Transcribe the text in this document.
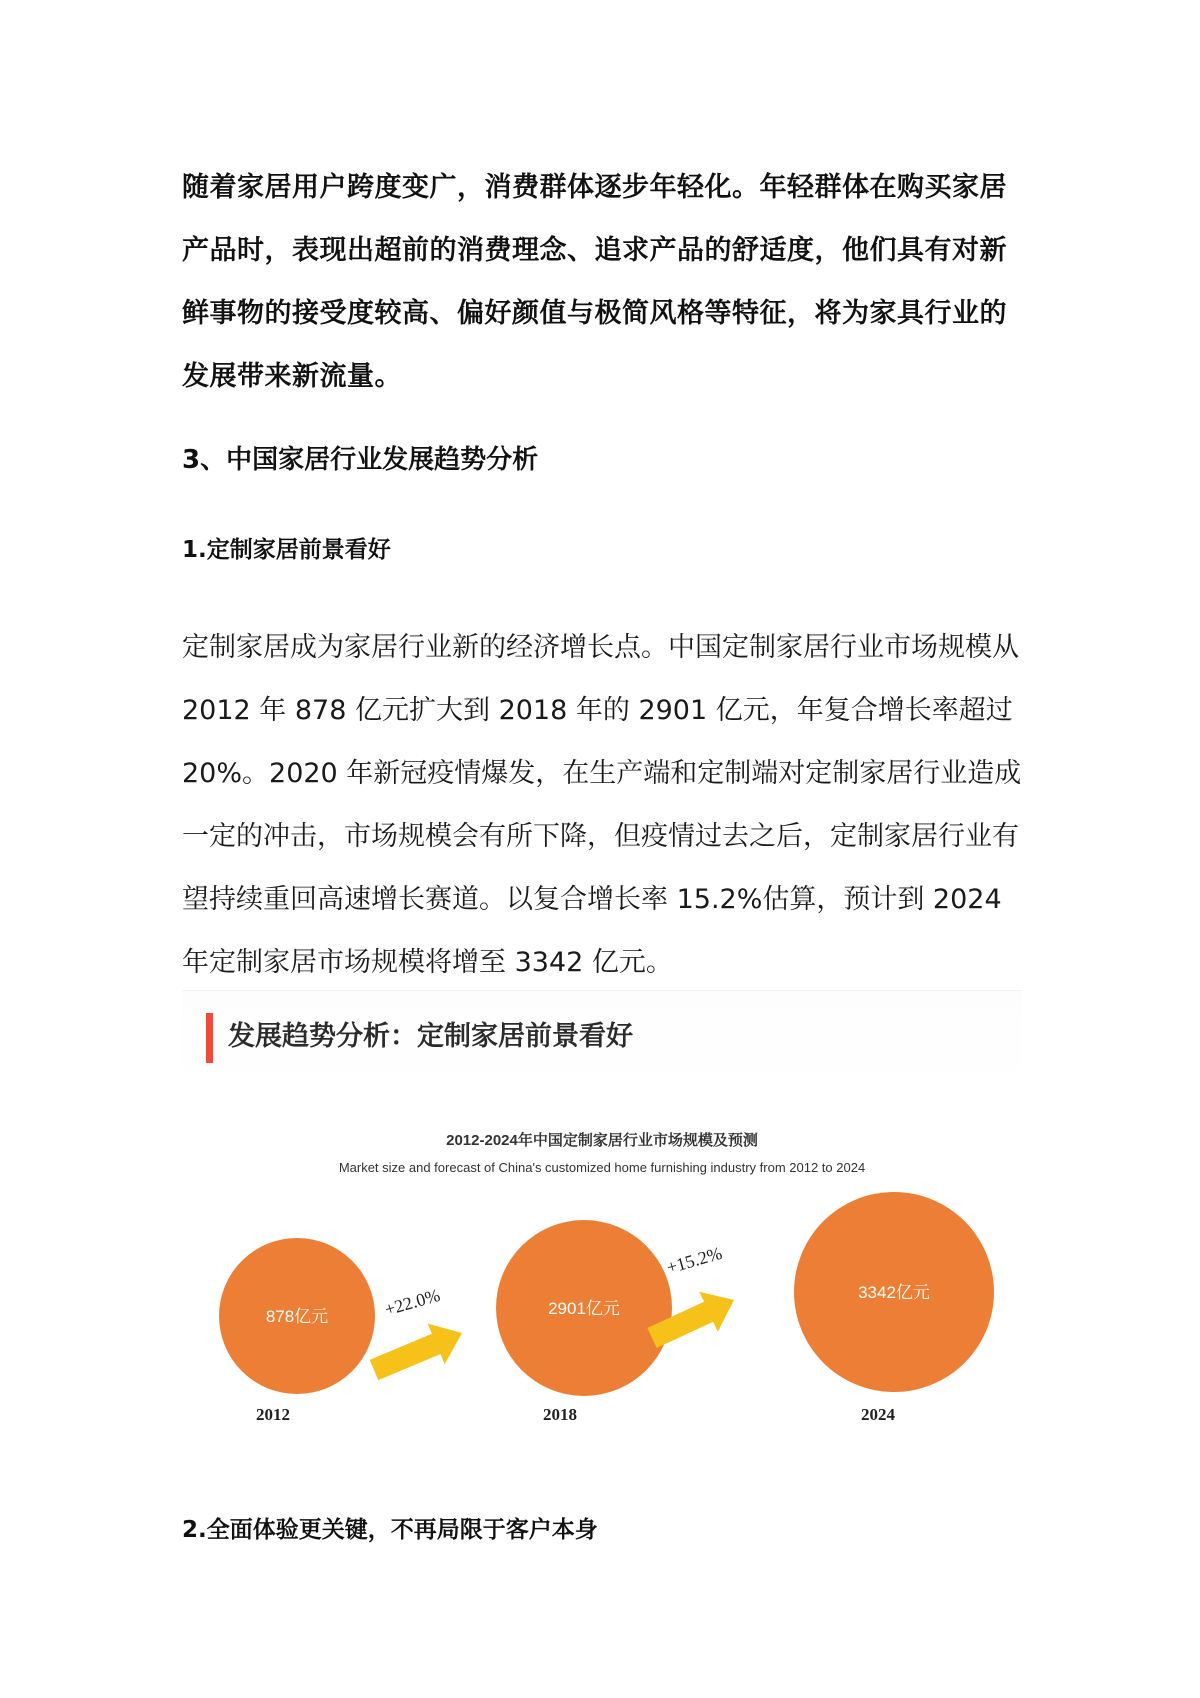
随着家居用户跨度变广，消费群体逐步年轻化。年轻群体在购买家居产品时，表现出超前的消费理念、追求产品的舒适度，他们具有对新鲜事物的接受度较高、偏好颜值与极简风格等特征，将为家具行业的发展带来新流量。
3、中国家居行业发展趋势分析
1.定制家居前景看好
定制家居成为家居行业新的经济增长点。中国定制家居行业市场规模从 2012 年 878 亿元扩大到 2018 年的 2901 亿元，年复合增长率超过 20%。2020 年新冠疫情爆发，在生产端和定制端对定制家居行业造成一定的冲击，市场规模会有所下降，但疫情过去之后，定制家居行业有望持续重回高速增长赛道。以复合增长率 15.2%估算，预计到 2024 年定制家居市场规模将增至 3342 亿元。
发展趋势分析：定制家居前景看好
2012-2024年中国定制家居行业市场规模及预测
Market size and forecast of China's customized home furnishing industry from 2012 to 2024
878亿元
2012
2901亿元
2018
3342亿元
2024
+22.0%
+15.2%
2.全面体验更关键，不再局限于客户本身
